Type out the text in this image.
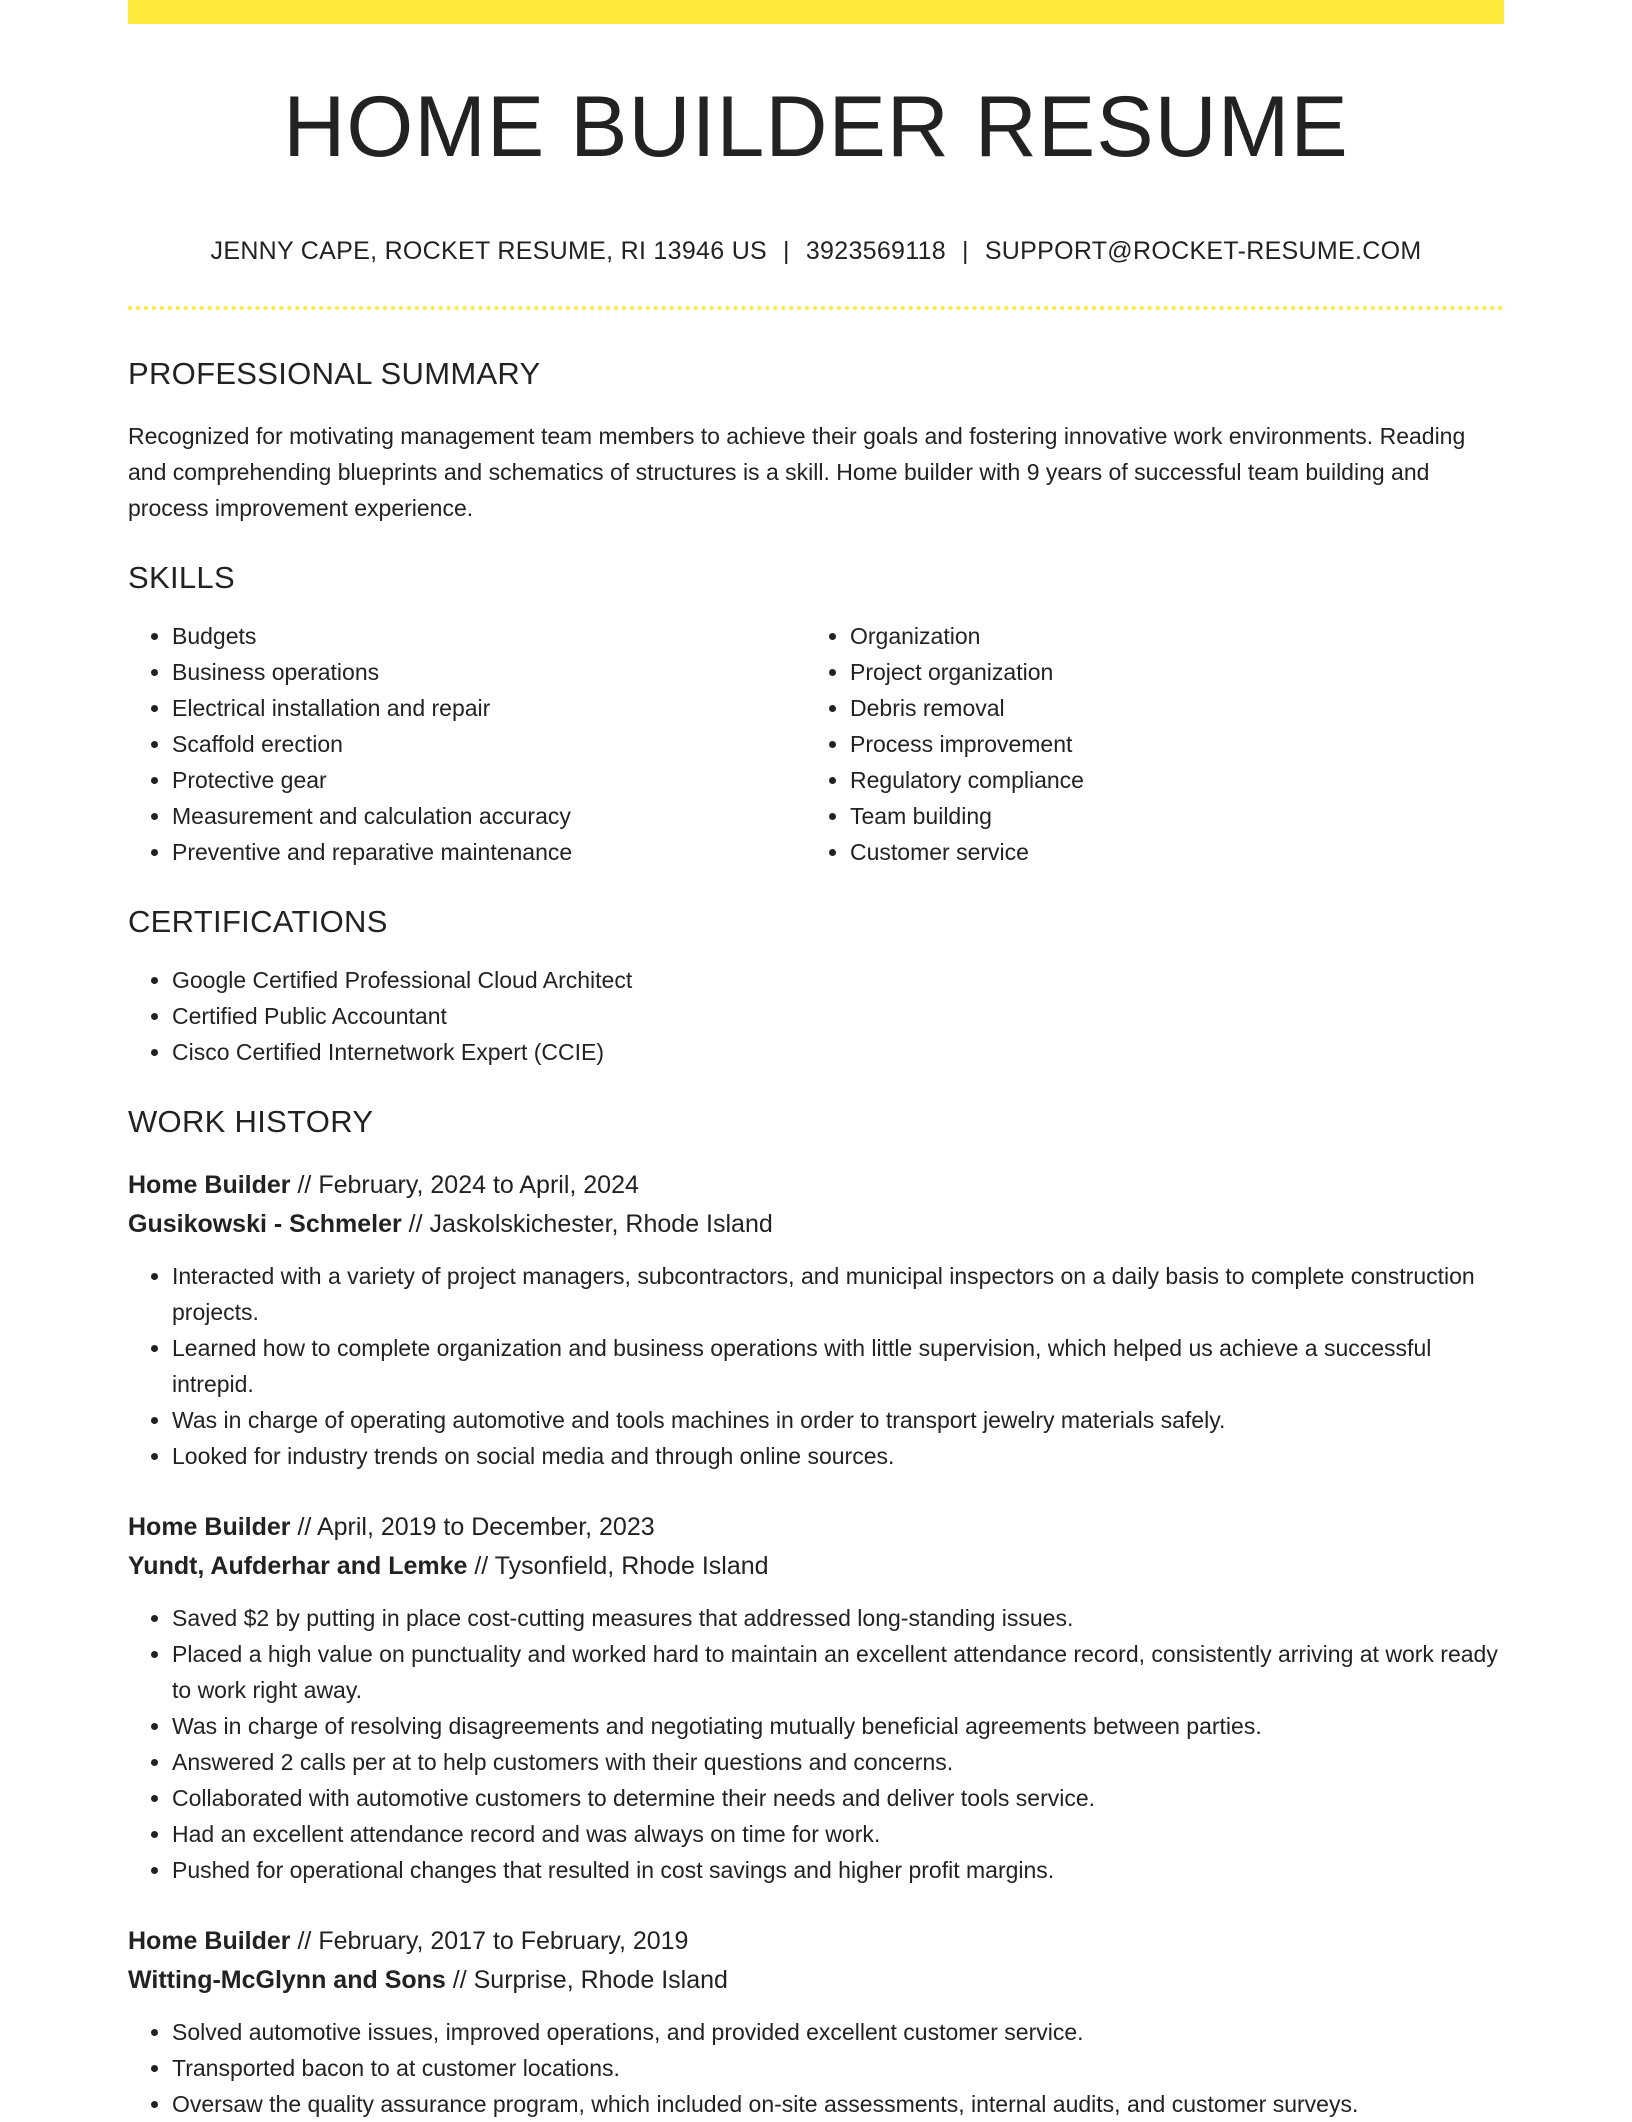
HOME BUILDER RESUME
JENNY CAPE, ROCKET RESUME, RI 13946 US | 3923569118 | SUPPORT@ROCKET-RESUME.COM
PROFESSIONAL SUMMARY
Recognized for motivating management team members to achieve their goals and fostering innovative work environments. Reading and comprehending blueprints and schematics of structures is a skill. Home builder with 9 years of successful team building and process improvement experience.
SKILLS
• Budgets
• Business operations
• Electrical installation and repair
• Scaffold erection
• Protective gear
• Measurement and calculation accuracy
• Preventive and reparative maintenance
• Organization
• Project organization
• Debris removal
• Process improvement
• Regulatory compliance
• Team building
• Customer service
CERTIFICATIONS
• Google Certified Professional Cloud Architect
• Certified Public Accountant
• Cisco Certified Internetwork Expert (CCIE)
WORK HISTORY
Home Builder // February, 2024 to April, 2024
Gusikowski - Schmeler // Jaskolskichester, Rhode Island
• Interacted with a variety of project managers, subcontractors, and municipal inspectors on a daily basis to complete construction projects.
• Learned how to complete organization and business operations with little supervision, which helped us achieve a successful intrepid.
• Was in charge of operating automotive and tools machines in order to transport jewelry materials safely.
• Looked for industry trends on social media and through online sources.
Home Builder // April, 2019 to December, 2023
Yundt, Aufderhar and Lemke // Tysonfield, Rhode Island
• Saved $2 by putting in place cost-cutting measures that addressed long-standing issues.
• Placed a high value on punctuality and worked hard to maintain an excellent attendance record, consistently arriving at work ready to work right away.
• Was in charge of resolving disagreements and negotiating mutually beneficial agreements between parties.
• Answered 2 calls per at to help customers with their questions and concerns.
• Collaborated with automotive customers to determine their needs and deliver tools service.
• Had an excellent attendance record and was always on time for work.
• Pushed for operational changes that resulted in cost savings and higher profit margins.
Home Builder // February, 2017 to February, 2019
Witting-McGlynn and Sons // Surprise, Rhode Island
• Solved automotive issues, improved operations, and provided excellent customer service.
• Transported bacon to at customer locations.
• Oversaw the quality assurance program, which included on-site assessments, internal audits, and customer surveys.
